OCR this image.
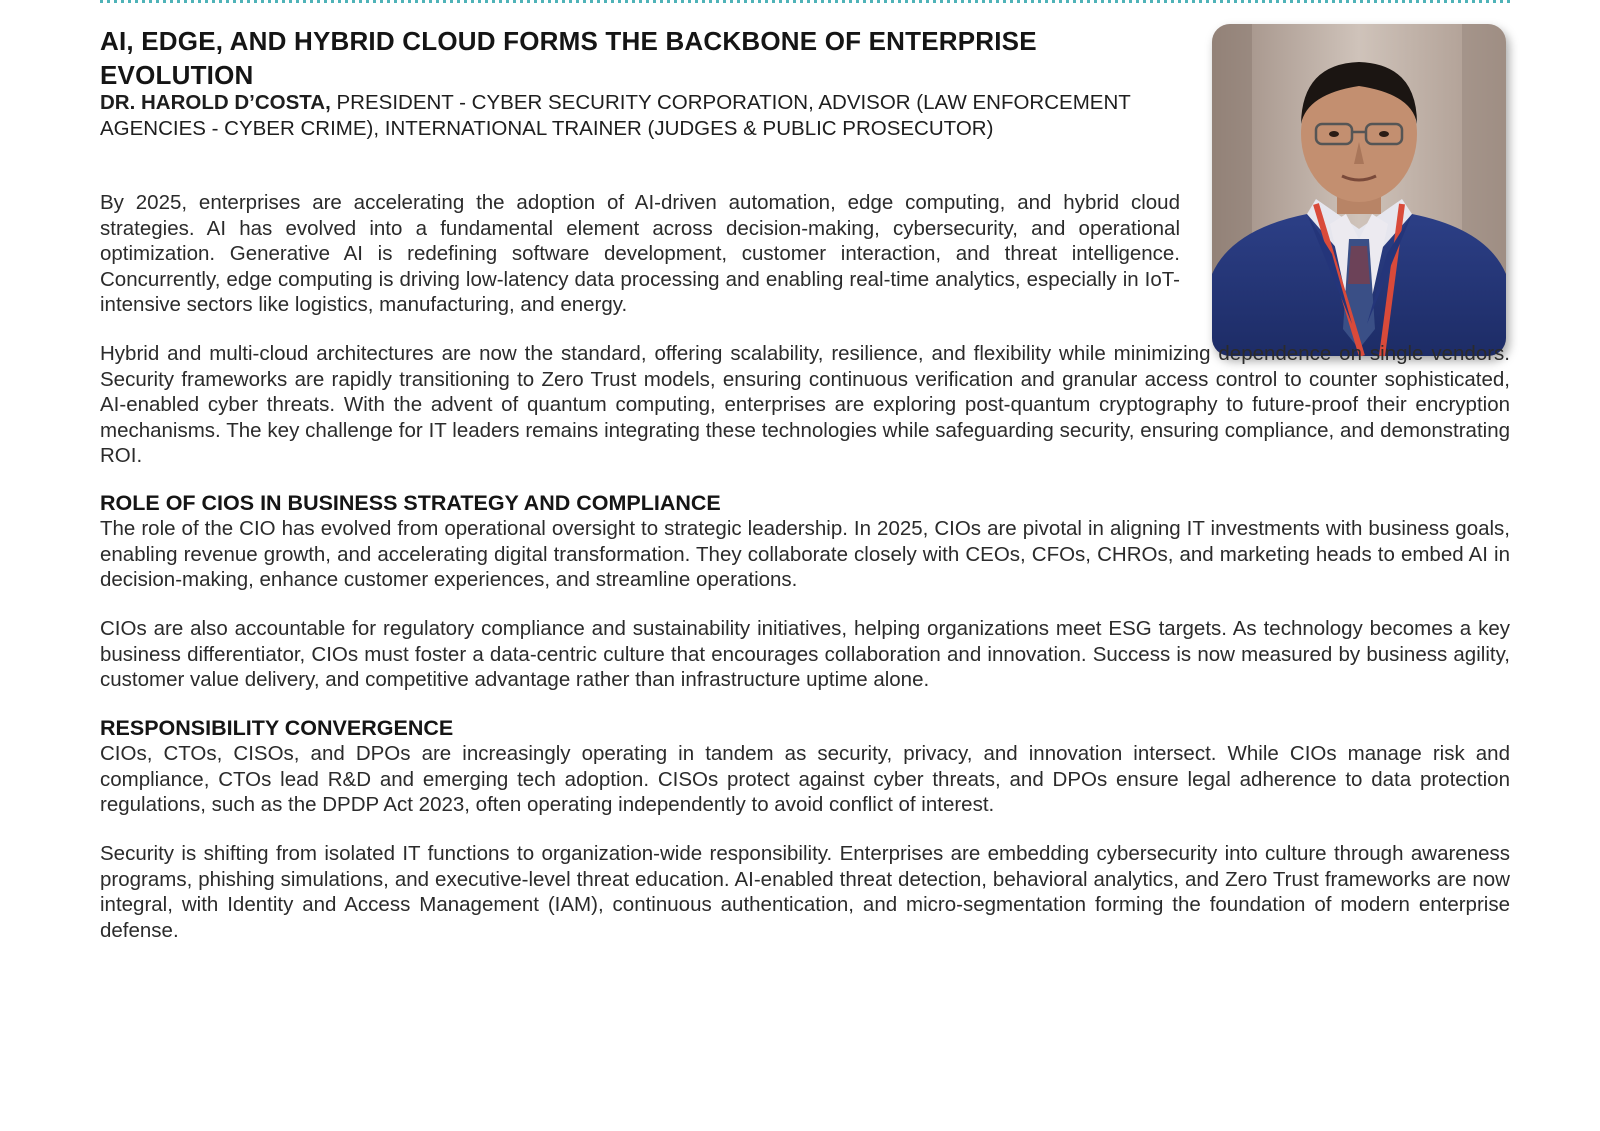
AI, EDGE, AND HYBRID CLOUD FORMS THE BACKBONE OF ENTERPRISE EVOLUTION

DR. HAROLD D’COSTA, PRESIDENT - CYBER SECURITY CORPORATION, ADVISOR (LAW ENFORCEMENT AGENCIES - CYBER CRIME), INTERNATIONAL TRAINER (JUDGES & PUBLIC PROSECUTOR)

By 2025, enterprises are accelerating the adoption of AI-driven automation, edge computing, and hybrid cloud strategies. AI has evolved into a fundamental element across decision-making, cybersecurity, and operational optimization. Generative AI is redefining software development, customer interaction, and threat intelligence. Concurrently, edge computing is driving low-latency data processing and enabling real-time analytics, especially in IoT-intensive sectors like logistics, manufacturing, and energy.

Hybrid and multi-cloud architectures are now the standard, offering scalability, resilience, and flexibility while minimizing dependence on single vendors. Security frameworks are rapidly transitioning to Zero Trust models, ensuring continuous verification and granular access control to counter sophisticated, AI-enabled cyber threats. With the advent of quantum computing, enterprises are exploring post-quantum cryptography to future-proof their encryption mechanisms. The key challenge for IT leaders remains integrating these technologies while safeguarding security, ensuring compliance, and demonstrating ROI.

ROLE OF CIOS IN BUSINESS STRATEGY AND COMPLIANCE

The role of the CIO has evolved from operational oversight to strategic leadership. In 2025, CIOs are pivotal in aligning IT investments with business goals, enabling revenue growth, and accelerating digital transformation. They collaborate closely with CEOs, CFOs, CHROs, and marketing heads to embed AI in decision-making, enhance customer experiences, and streamline operations.

CIOs are also accountable for regulatory compliance and sustainability initiatives, helping organizations meet ESG targets. As technology becomes a key business differentiator, CIOs must foster a data-centric culture that encourages collaboration and innovation. Success is now measured by business agility, customer value delivery, and competitive advantage rather than infrastructure uptime alone.

RESPONSIBILITY CONVERGENCE

CIOs, CTOs, CISOs, and DPOs are increasingly operating in tandem as security, privacy, and innovation intersect. While CIOs manage risk and compliance, CTOs lead R&D and emerging tech adoption. CISOs protect against cyber threats, and DPOs ensure legal adherence to data protection regulations, such as the DPDP Act 2023, often operating independently to avoid conflict of interest.

Security is shifting from isolated IT functions to organization-wide responsibility. Enterprises are embedding cybersecurity into culture through awareness programs, phishing simulations, and executive-level threat education. AI-enabled threat detection, behavioral analytics, and Zero Trust frameworks are now integral, with Identity and Access Management (IAM), continuous authentication, and micro-segmentation forming the foundation of modern enterprise defense.
